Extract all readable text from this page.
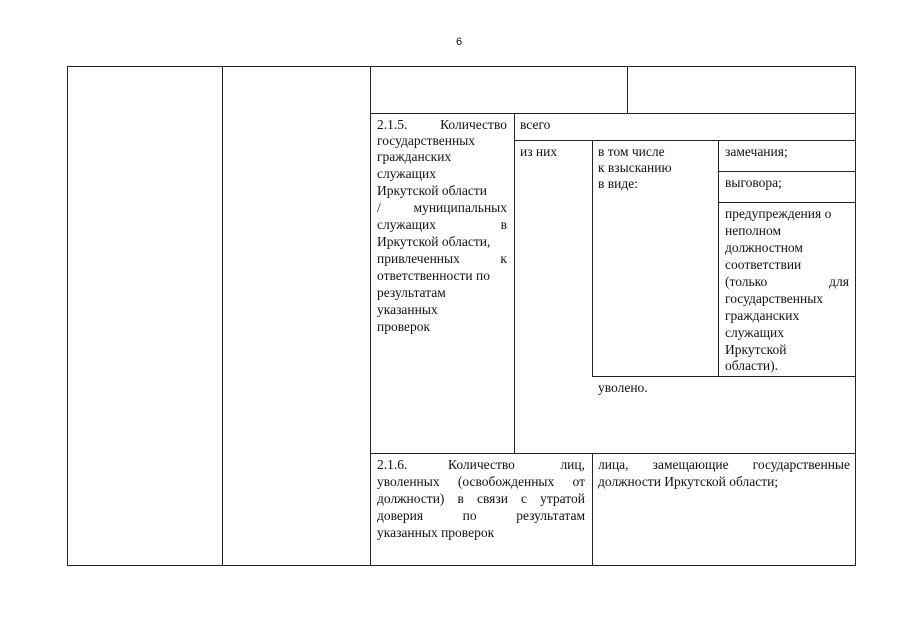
6
2.1.5. Количество
государственных
гражданских
служащих
Иркутской области
/ муниципальных
служащих в
Иркутской области,
привлеченных к
ответственности по
результатам
указанных
проверок
всего
из них	в том числе
к взысканию
в виде:
замечания;
выговора;
предупреждения о
неполном
должностном
соответствии
(только для
государственных
гражданских
служащих
Иркутской
области).
уволено.
2.1.6.	Количество лиц,
уволенных (освобожденных от
должности) в связи с утратой
доверия по результатам
указанных проверок
лица, замещающие государственные
должности Иркутской области;
